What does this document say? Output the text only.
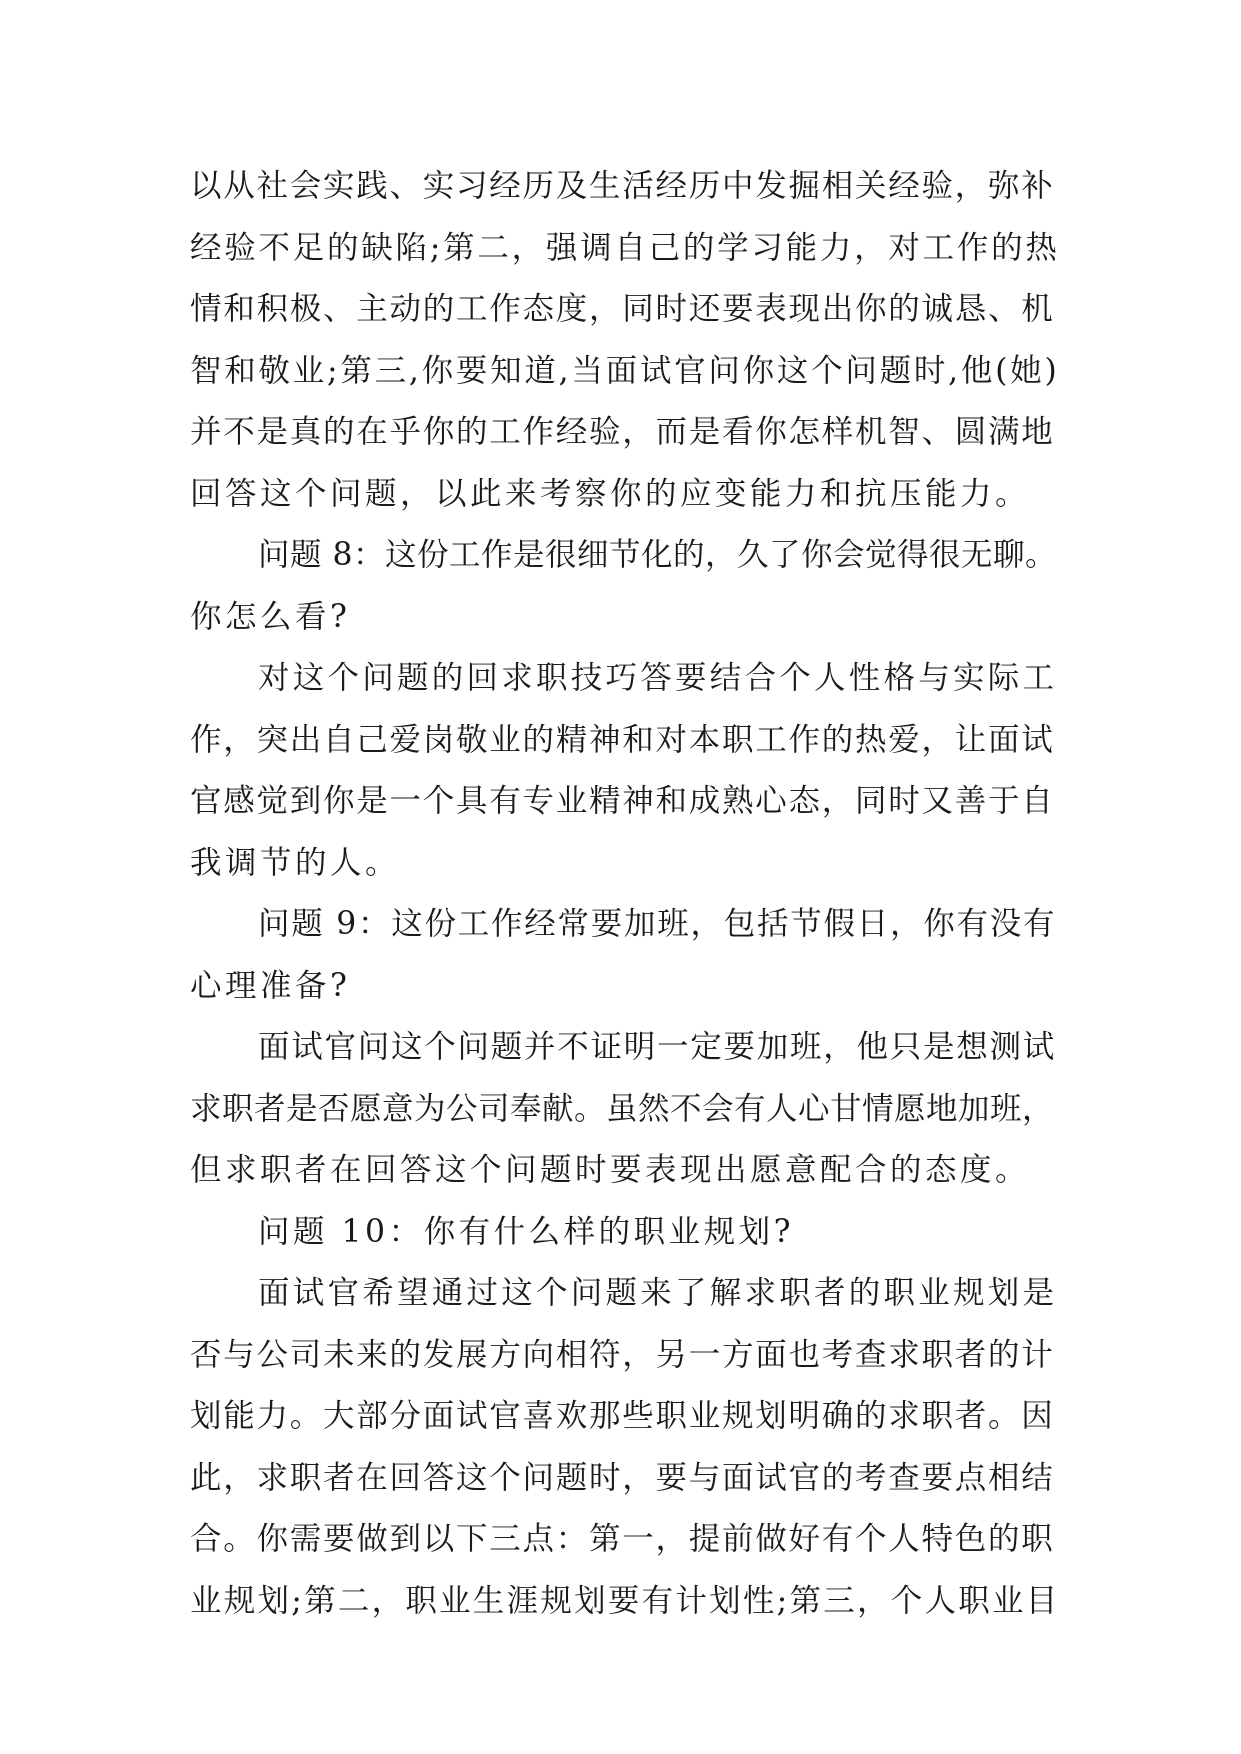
以从社会实践、实习经历及生活经历中发掘相关经验，弥补
经验不足的缺陷;第二，强调自己的学习能力，对工作的热
情和积极、主动的工作态度，同时还要表现出你的诚恳、机
智和敬业;第三,你要知道,当面试官问你这个问题时,他(她)
并不是真的在乎你的工作经验，而是看你怎样机智、圆满地
回答这个问题，以此来考察你的应变能力和抗压能力。
问题 8：这份工作是很细节化的，久了你会觉得很无聊。
你怎么看?
对这个问题的回求职技巧答要结合个人性格与实际工
作，突出自己爱岗敬业的精神和对本职工作的热爱，让面试
官感觉到你是一个具有专业精神和成熟心态，同时又善于自
我调节的人。
问题 9：这份工作经常要加班，包括节假日，你有没有
心理准备?
面试官问这个问题并不证明一定要加班，他只是想测试
求职者是否愿意为公司奉献。虽然不会有人心甘情愿地加班，
但求职者在回答这个问题时要表现出愿意配合的态度。
问题 10：你有什么样的职业规划?
面试官希望通过这个问题来了解求职者的职业规划是
否与公司未来的发展方向相符，另一方面也考查求职者的计
划能力。大部分面试官喜欢那些职业规划明确的求职者。因
此，求职者在回答这个问题时，要与面试官的考查要点相结
合。你需要做到以下三点：第一，提前做好有个人特色的职
业规划;第二，职业生涯规划要有计划性;第三，个人职业目
